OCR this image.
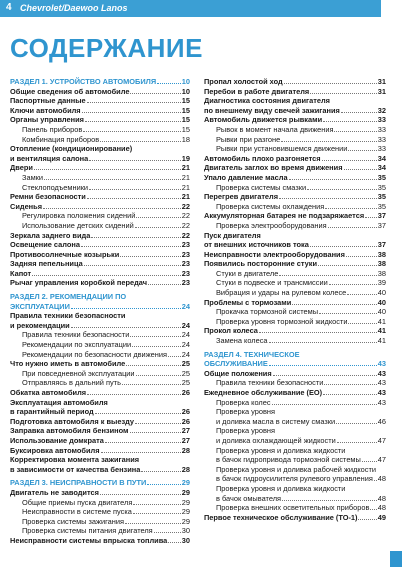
4 Chevrolet/Daewoo Lanos
СОДЕРЖАНИЕ
РАЗДЕЛ 1. УСТРОЙСТВО АВТОМОБИЛЯ	10
Общие сведения об автомобиле	10
Паспортные данные	15
Ключи автомобиля	15
Органы управления	15
Панель приборов	15
Комбинация приборов	18
Отопление (кондиционирование)
и вентиляция салона	19
Двери	21
Замки	21
Стеклоподъемники	21
Ремни безопасности	21
Сиденья	22
Регулировка положения сидений	22
Использование детских сидений	22
Зеркала заднего вида	22
Освещение салона	23
Противосолнечные козырьки	23
Задняя пепельница	23
Капот	23
Рычаг управления коробкой передач	23
РАЗДЕЛ 2. РЕКОМЕНДАЦИИ ПО
ЭКСПЛУАТАЦИИ	24
Правила техники безопасности
и рекомендации	24
Правила техники безопасности	24
Рекомендации по эксплуатации	24
Рекомендации по безопасности движения 24
Что нужно иметь в автомобиле	25
При повседневной эксплуатации	25
Отправляясь в дальний путь	25
Обкатка автомобиля	26
Эксплуатация автомобиля
в гарантийный период	26
Подготовка автомобиля к выезду	26
Заправка автомобиля бензином	27
Использование домкрата	27
Буксировка автомобиля	28
Корректировка момента зажигания
в зависимости от качества бензина	28
РАЗДЕЛ 3. НЕИСПРАВНОСТИ В ПУТИ	29
Двигатель не заводится	29
Общие приемы пуска двигателя	29
Неисправности в системе пуска	29
Проверка системы зажигания	29
Проверка системы питания двигателя	30
Неисправности системы впрыска топлива 30
Пропал холостой ход	31
Перебои в работе двигателя	31
Диагностика состояния двигателя
по внешнему виду свечей зажигания	32
Автомобиль движется рывками	33
Рывок в момент начала движения	33
Рывки при разгоне	33
Рывки при установившемся движении	33
Автомобиль плохо разгоняется	34
Двигатель заглох во время движения	34
Упало давление масла	35
Проверка системы смазки	35
Перегрев двигателя	35
Проверка системы охлаждения	35
Аккумуляторная батарея не подзаряжается 37
Проверка электрооборудования	37
Пуск двигателя
от внешних источников тока	37
Неисправности электрооборудования	38
Появились посторонние стуки	38
Стуки в двигателе	38
Стуки в подвеске и трансмиссии	39
Вибрация и удары на рулевом колесе	40
Проблемы с тормозами	40
Прокачка тормозной системы	40
Проверка уровня тормозной жидкости	41
Прокол колеса	41
Замена колеса	41
РАЗДЕЛ 4. ТЕХНИЧЕСКОЕ
ОБСЛУЖИВАНИЕ	43
Общие положения	43
Правила техники безопасности	43
Ежедневное обслуживание (ЕО)	43
Проверка колес	43
Проверка уровня
и доливка масла в систему смазки	46
Проверка уровня
и доливка охлаждающей жидкости	47
Проверка уровня и доливка жидкости
в бачок гидропривода тормозной системы 47
Проверка уровня и доливка рабочей жидкости
в бачок гидроусилителя рулевого управления 48
Проверка уровня и доливка жидкости
в бачок омывателя	48
Проверка внешних осветительных приборов 48
Первое техническое обслуживание (ТО-1)	49
